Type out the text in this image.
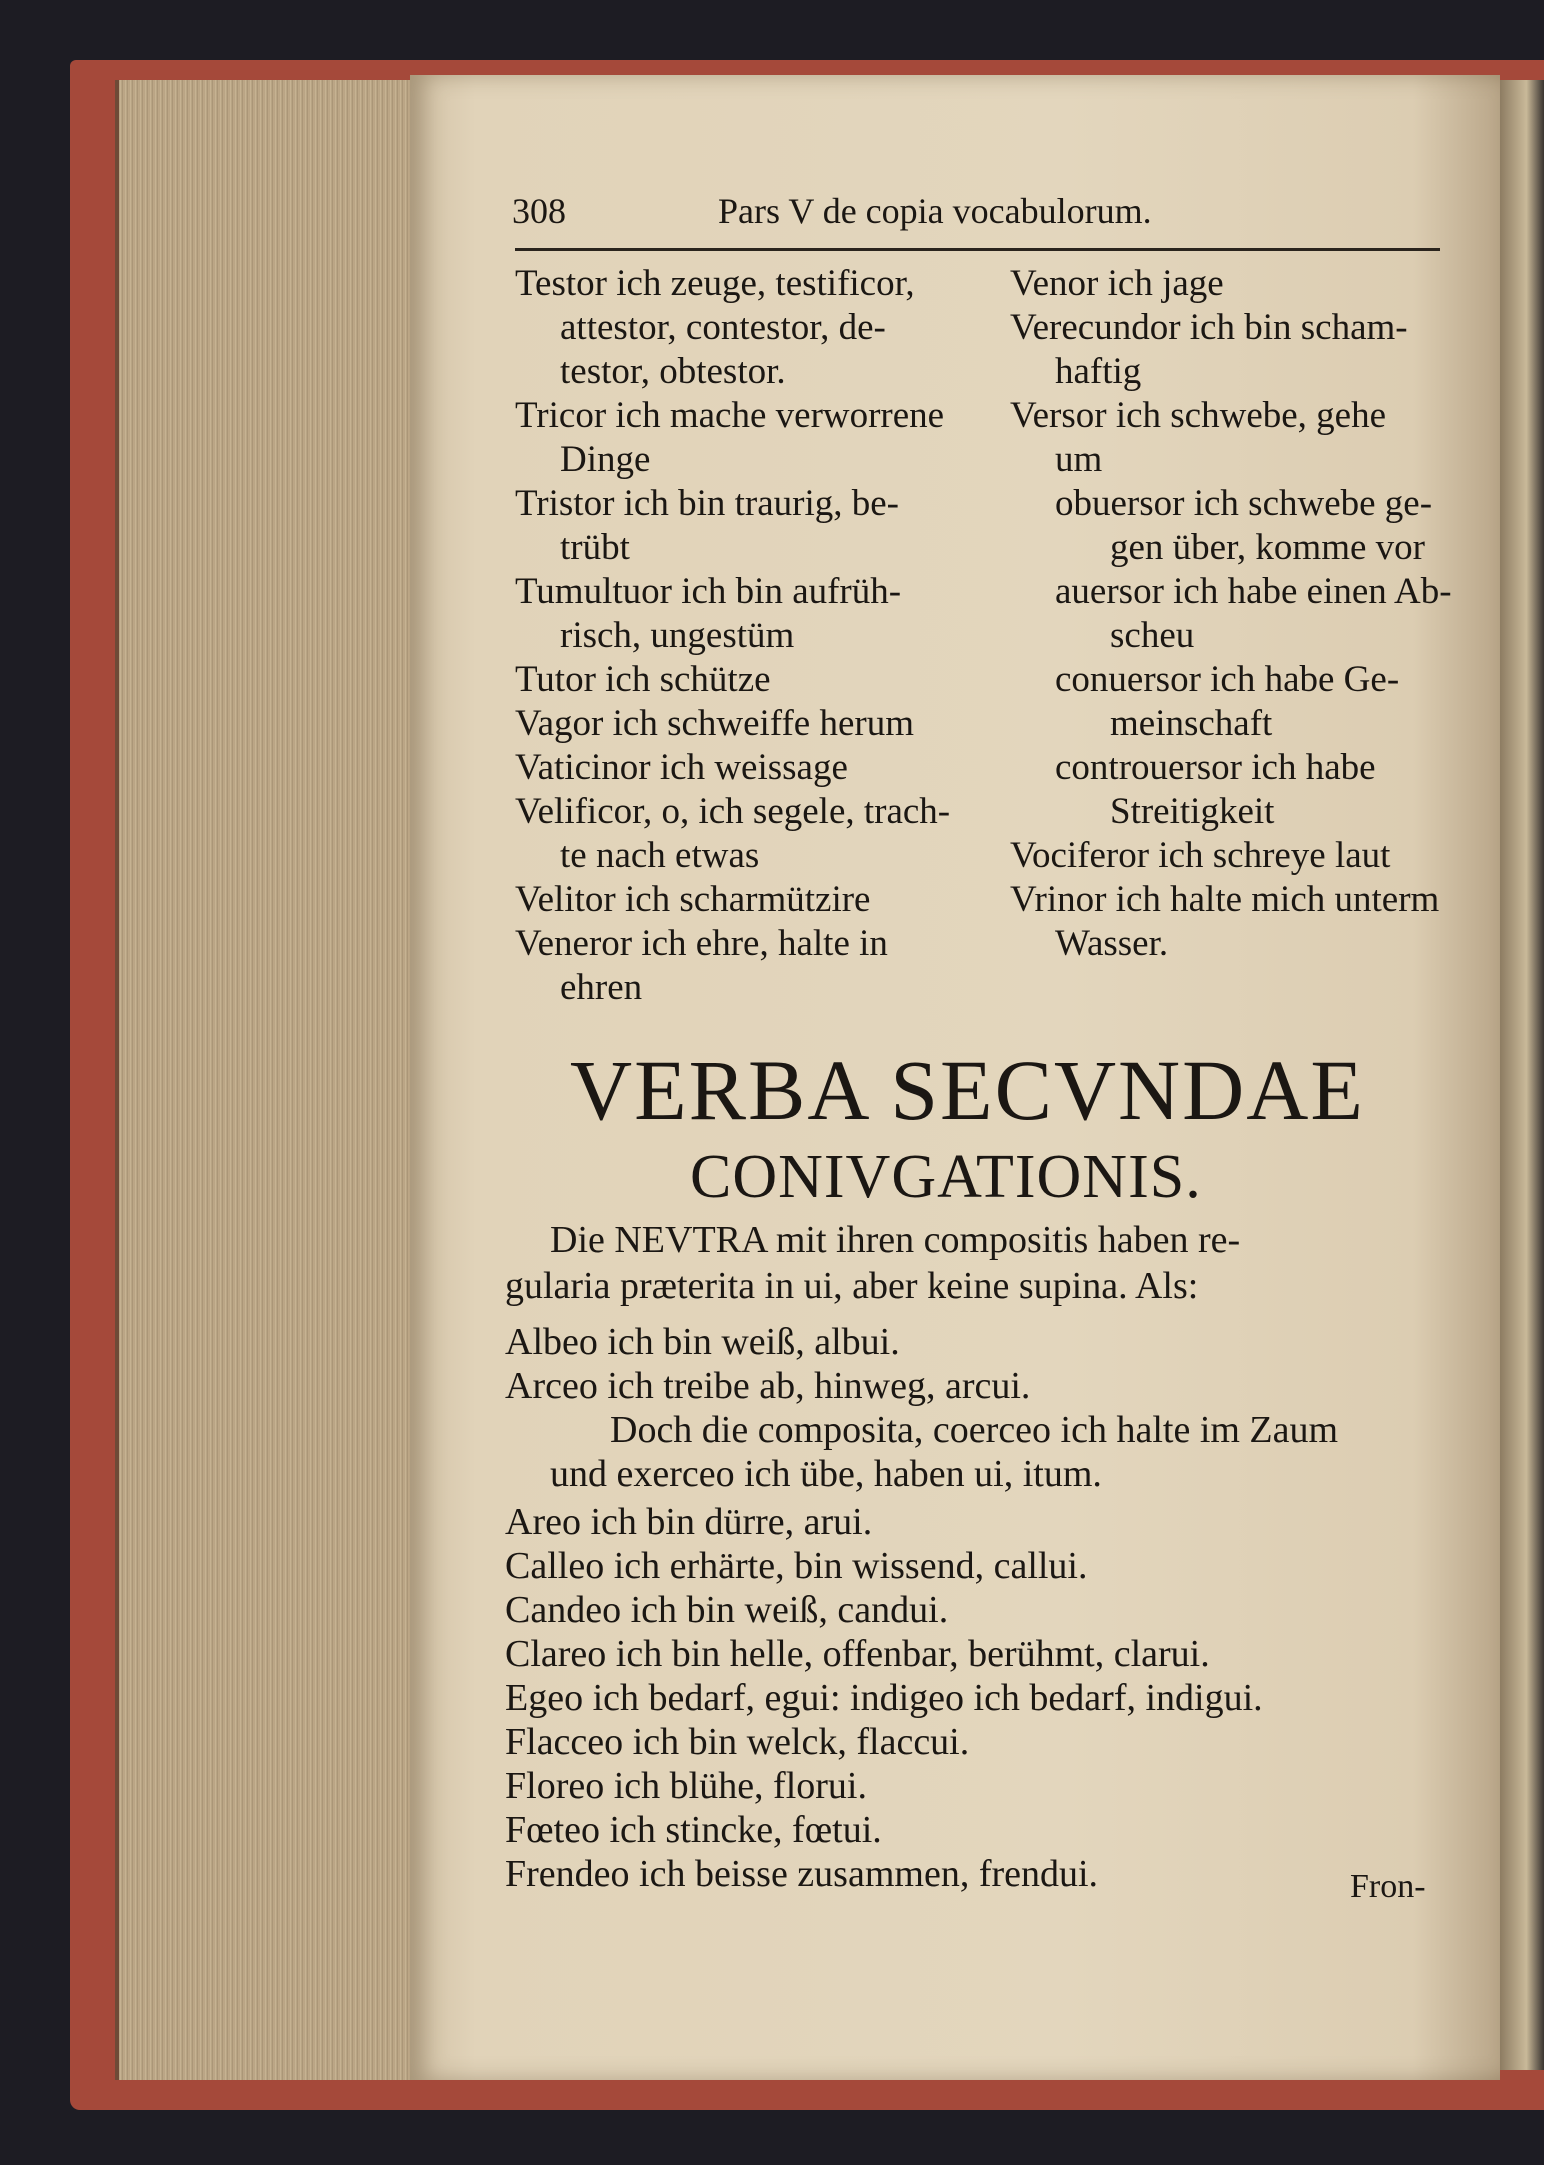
308	Pars V de copia vocabulorum.
Testor ich zeuge, testificor,
attestor, contestor, de-
testor, obtestor.
Tricor ich mache verworrene
Dinge
Tristor ich bin traurig, be-
trübt
Tumultuor ich bin aufrüh-
risch, ungestüm
Tutor ich schütze
Vagor ich schweiffe herum
Vaticinor ich weissage
Velificor, o, ich segele, trach-
te nach etwas
Velitor ich scharmützire
Veneror ich ehre, halte in
ehren
Venor ich jage
Verecundor ich bin scham-
haftig
Versor ich schwebe, gehe
um
obuersor ich schwebe ge-
gen über, komme vor
auersor ich habe einen Ab-
scheu
conuersor ich habe Ge-
meinschaft
controuersor ich habe
Streitigkeit
Vociferor ich schreye laut
Vrinor ich halte mich unterm
Wasser.
VERBA SECVNDAE
CONIVGATIONIS.
Die NEVTRA mit ihren compositis haben re-
gularia præterita in ui, aber keine supina. Als:
Albeo ich bin weiß, albui.
Arceo ich treibe ab, hinweg, arcui.
Doch die composita, coerceo ich halte im Zaum
und exerceo ich übe, haben ui, itum.
Areo ich bin dürre, arui.
Calleo ich erhärte, bin wissend, callui.
Candeo ich bin weiß, candui.
Clareo ich bin helle, offenbar, berühmt, clarui.
Egeo ich bedarf, egui: indigeo ich bedarf, indigui.
Flacceo ich bin welck, flaccui.
Floreo ich blühe, florui.
Fœteo ich stincke, fœtui.
Frendeo ich beisse zusammen, frendui.	Fron-
